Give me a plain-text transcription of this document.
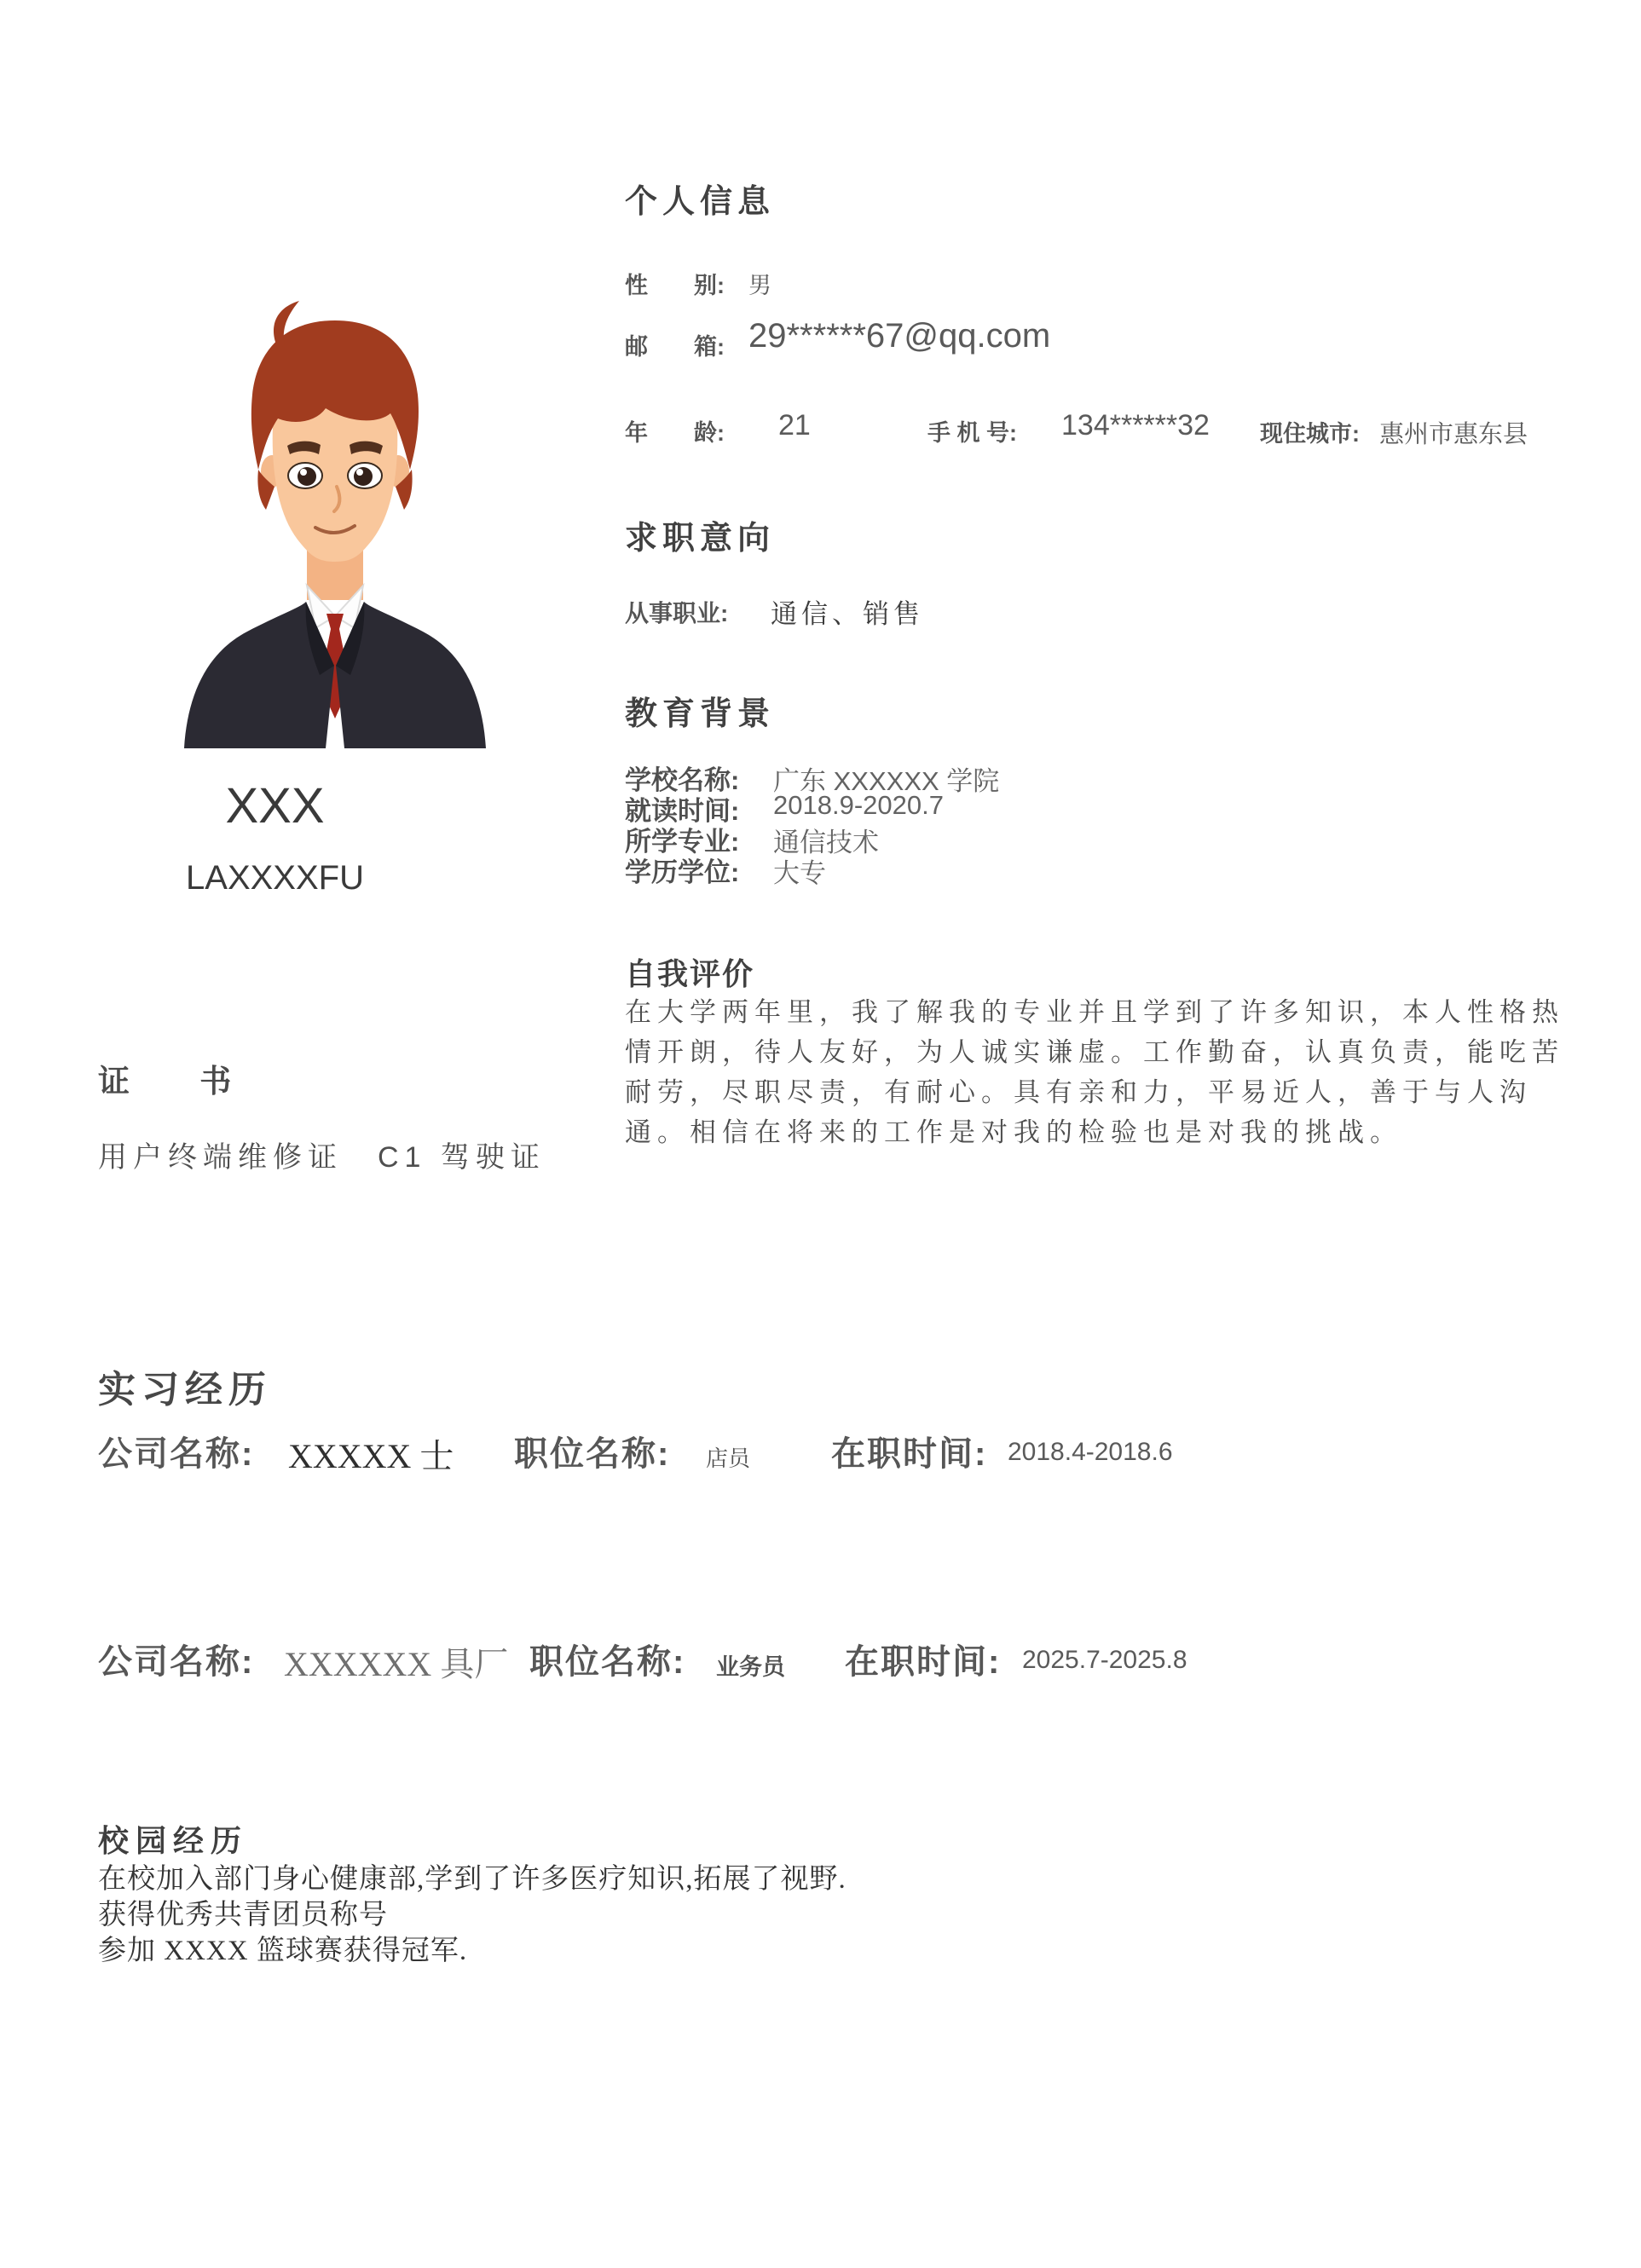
XXX
LAXXXXFU
证        书
用户终端维修证　C1 驾驶证
个人信息
性　　别: 男
邮　　箱: 29******67@qq.com
年　　龄: 21	手 机 号: 134******32 现住城市: 惠州市惠东县
求职意向
从事职业: 通信、销售
教育背景
学校名称: 广东 XXXXXX 学院
就读时间: 2018.9-2020.7
所学专业: 通信技术
学历学位: 大专
自我评价
在大学两年里，我了解我的专业并且学到了许多知识，本人性格热情开朗，待人友好，为人诚实谦虚。工作勤奋，认真负责，能吃苦耐劳，尽职尽责，有耐心。具有亲和力，平易近人，善于与人沟通。相信在将来的工作是对我的检验也是对我的挑战。
实习经历
公司名称: XXXXX 士 职位名称: 店员 在职时间: 2018.4-2018.6
公司名称: XXXXXX 具厂 职位名称: 业务员 在职时间: 2025.7-2025.8
校园经历
在校加入部门身心健康部,学到了许多医疗知识,拓展了视野.
获得优秀共青团员称号
参加 XXXX 篮球赛获得冠军.
